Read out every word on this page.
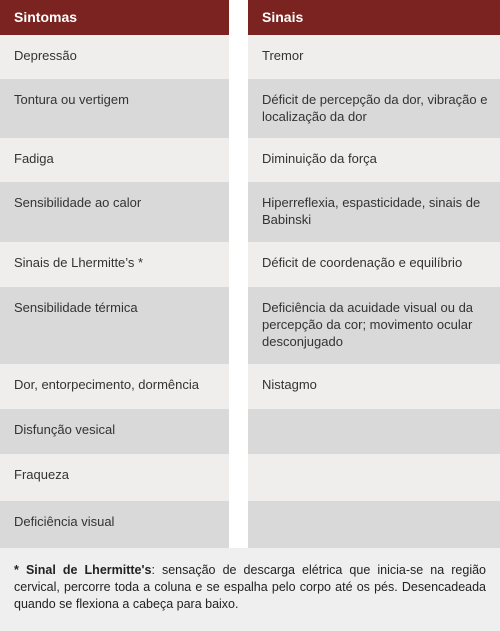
Sintomas
Depressão
Tontura ou vertigem
Fadiga
Sensibilidade ao calor
Sinais de Lhermitte’s *
Sensibilidade térmica
Dor, entorpecimento, dormência
Disfunção vesical
Fraqueza
Deficiência visual
Sinais
Tremor
Déficit de percepção da dor, vibração e localização da dor
Diminuição da força
Hiperreflexia, espasticidade, sinais de Babinski
Déficit de coordenação e equilíbrio
Deficiência da acuidade visual ou da percepção da cor; movimento ocular desconjugado
Nistagmo
* Sinal de Lhermitte's: sensação de descarga elétrica que inicia-se na região cervical, percorre toda a coluna e se espalha pelo corpo até os pés. Desencadeada quando se flexiona a cabeça para baixo.
